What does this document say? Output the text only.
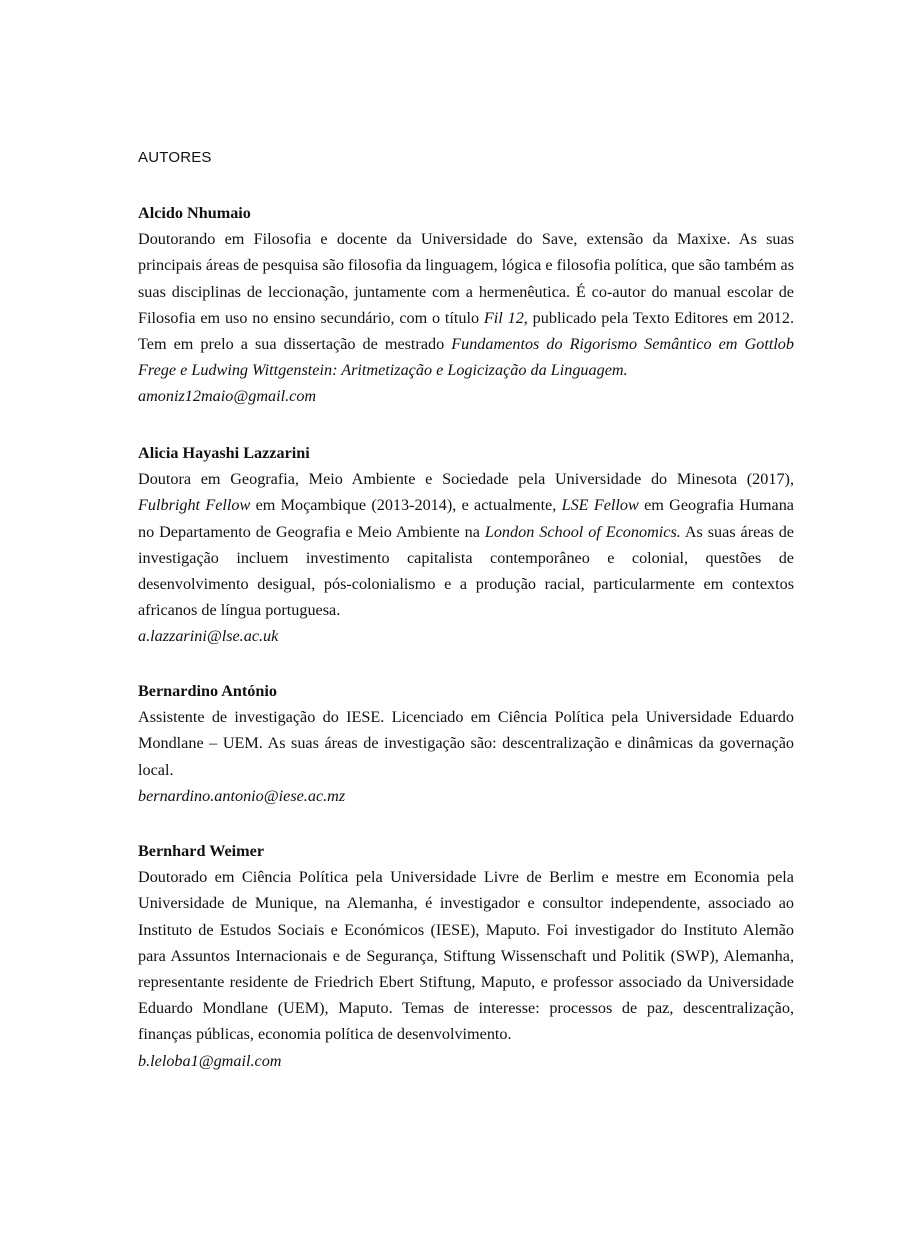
AUTORES
Alcido Nhumaio
Doutorando em Filosofia e docente da Universidade do Save, extensão da Maxixe. As suas principais áreas de pesquisa são filosofia da linguagem, lógica e filosofia política, que são também as suas disciplinas de leccionação, juntamente com a hermenêutica. É co-autor do manual escolar de Filosofia em uso no ensino secundário, com o título Fil 12, publicado pela Texto Editores em 2012. Tem em prelo a sua dissertação de mestrado Fundamentos do Rigorismo Semântico em Gottlob Frege e Ludwing Wittgenstein: Aritmetização e Logicização da Linguagem.
amoniz12maio@gmail.com
Alicia Hayashi Lazzarini
Doutora em Geografia, Meio Ambiente e Sociedade pela Universidade do Minesota (2017), Fulbright Fellow em Moçambique (2013-2014), e actualmente, LSE Fellow em Geografia Humana no Departamento de Geografia e Meio Ambiente na London School of Economics. As suas áreas de investigação incluem investimento capitalista contemporâneo e colonial, questões de desenvolvimento desigual, pós-colonialismo e a produção racial, particularmente em contextos africanos de língua portuguesa.
a.lazzarini@lse.ac.uk
Bernardino António
Assistente de investigação do IESE. Licenciado em Ciência Política pela Universidade Eduardo Mondlane – UEM. As suas áreas de investigação são: descentralização e dinâmicas da governação local.
bernardino.antonio@iese.ac.mz
Bernhard Weimer
Doutorado em Ciência Política pela Universidade Livre de Berlim e mestre em Economia pela Universidade de Munique, na Alemanha, é investigador e consultor independente, associado ao Instituto de Estudos Sociais e Económicos (IESE), Maputo. Foi investigador do Instituto Alemão para Assuntos Internacionais e de Segurança, Stiftung Wissenschaft und Politik (SWP), Alemanha, representante residente de Friedrich Ebert Stiftung, Maputo, e professor associado da Universidade Eduardo Mondlane (UEM), Maputo. Temas de interesse: processos de paz, descentralização, finanças públicas, economia política de desenvolvimento.
b.leloba1@gmail.com
